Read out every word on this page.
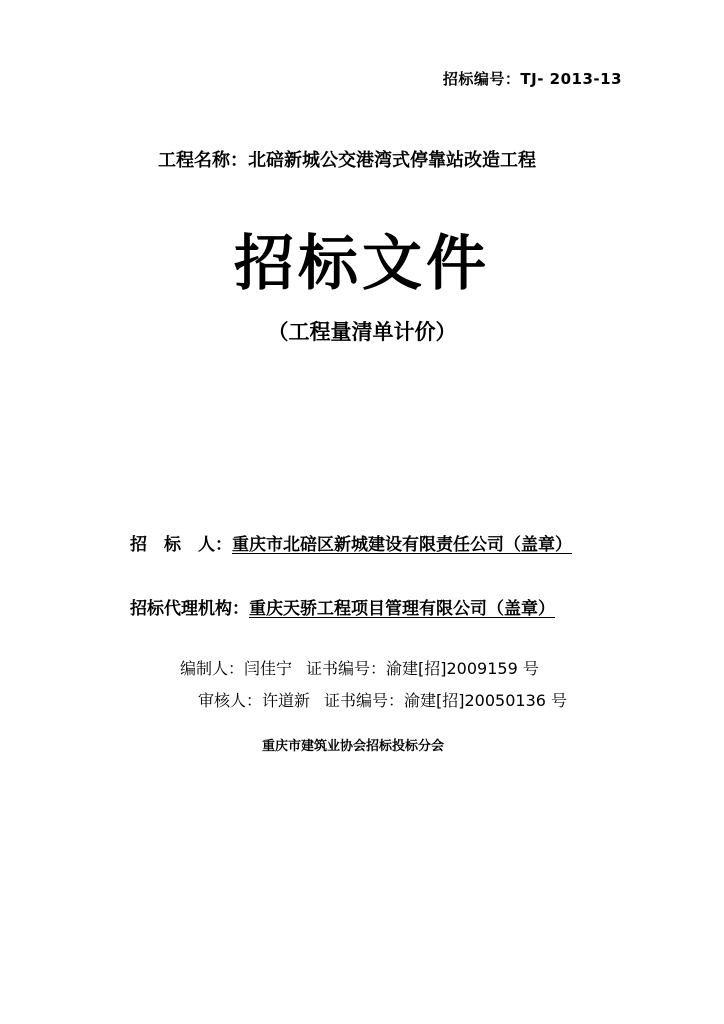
招标编号：TJ- 2013-13
工程名称：北碚新城公交港湾式停靠站改造工程
招标文件
（工程量清单计价）
招　标　人：重庆市北碚区新城建设有限责任公司（盖章）
招标代理机构：重庆天骄工程项目管理有限公司（盖章）
编制人：闫佳宁 证书编号：渝建[招]2009159 号
审核人：许道新 证书编号：渝建[招]20050136 号
重庆市建筑业协会招标投标分会
